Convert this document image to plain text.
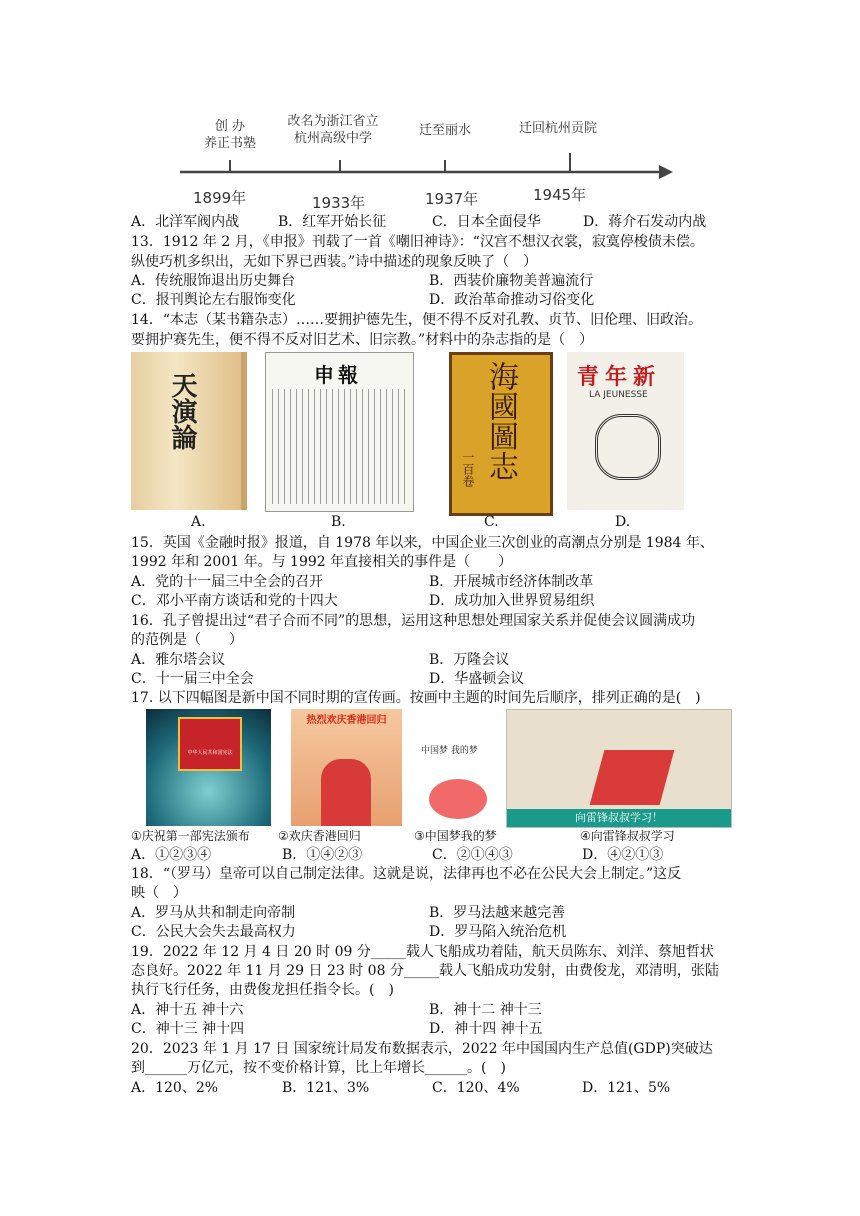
创 办
养正书塾
改名为浙江省立
杭州高级中学
迁至丽水	迁回杭州贡院
1899年	1933年	1937年	1945年
A．北洋军阀内战	B．红军开始长征	C．日本全面侵华	D．蒋介石发动内战
13．1912 年 2 月，《申报》刊载了一首《嘲旧神诗》：“汉宫不想汉衣裳，寂寞停梭债未偿。
纵使巧机多织出，无如下界已西装。”诗中描述的现象反映了（　）
A．传统服饰退出历史舞台	B．西装价廉物美普遍流行
C．报刊舆论左右服饰变化	D．政治革命推动习俗变化
14．“本志（某书籍杂志）……要拥护德先生，便不得不反对孔教、贞节、旧伦理、旧政治。
要拥护赛先生，便不得不反对旧艺术、旧宗教。”材料中的杂志指的是（　）
天演論	申報	海國圖志
一百卷
青年新
LA JEUNESSE
A.	B.	C.	D.
15．英国《金融时报》报道，自 1978 年以来，中国企业三次创业的高潮点分别是 1984 年、
1992 年和 2001 年。与 1992 年直接相关的事件是（　　）
A．党的十一届三中全会的召开	B．开展城市经济体制改革
C．邓小平南方谈话和党的十四大	D．成功加入世界贸易组织
16．孔子曾提出过“君子合而不同”的思想，运用这种思想处理国家关系并促使会议圆满成功
的范例是（　　）
A．雅尔塔会议	B．万隆会议
C．十一届三中全会	D．华盛顿会议
17. 以下四幅图是新中国不同时期的宣传画。按画中主题的时间先后顺序，排列正确的是(　)
中华人民共和国宪法
热烈欢庆香港回归
中国梦 我的梦
向雷锋叔叔学习！
①庆祝第一部宪法颁布 ②欢庆香港回归	③中国梦我的梦	④向雷锋叔叔学习
A．①②③④	B．①④②③	C．②①④③	D．④②①③
18．“（罗马）皇帝可以自己制定法律。这就是说，法律再也不必在公民大会上制定。”这反
映（　）
A．罗马从共和制走向帝制	B．罗马法越来越完善
C．公民大会失去最高权力	D．罗马陷入统治危机
19．2022 年 12 月 4 日 20 时 09 分_____载人飞船成功着陆，航天员陈东、刘洋、蔡旭哲状
态良好。2022 年 11 月 29 日 23 时 08 分_____载人飞船成功发射，由费俊龙，邓清明，张陆
执行飞行任务，由费俊龙担任指令长。(　)
A．神十五 神十六	B．神十二 神十三
C．神十三 神十四	D．神十四 神十五
20．2023 年 1 月 17 日 国家统计局发布数据表示，2022 年中国国内生产总值(GDP)突破达
到______万亿元，按不变价格计算，比上年增长______。(　)
A．120、2%	B．121、3%	C．120、4%	D．121、5%
